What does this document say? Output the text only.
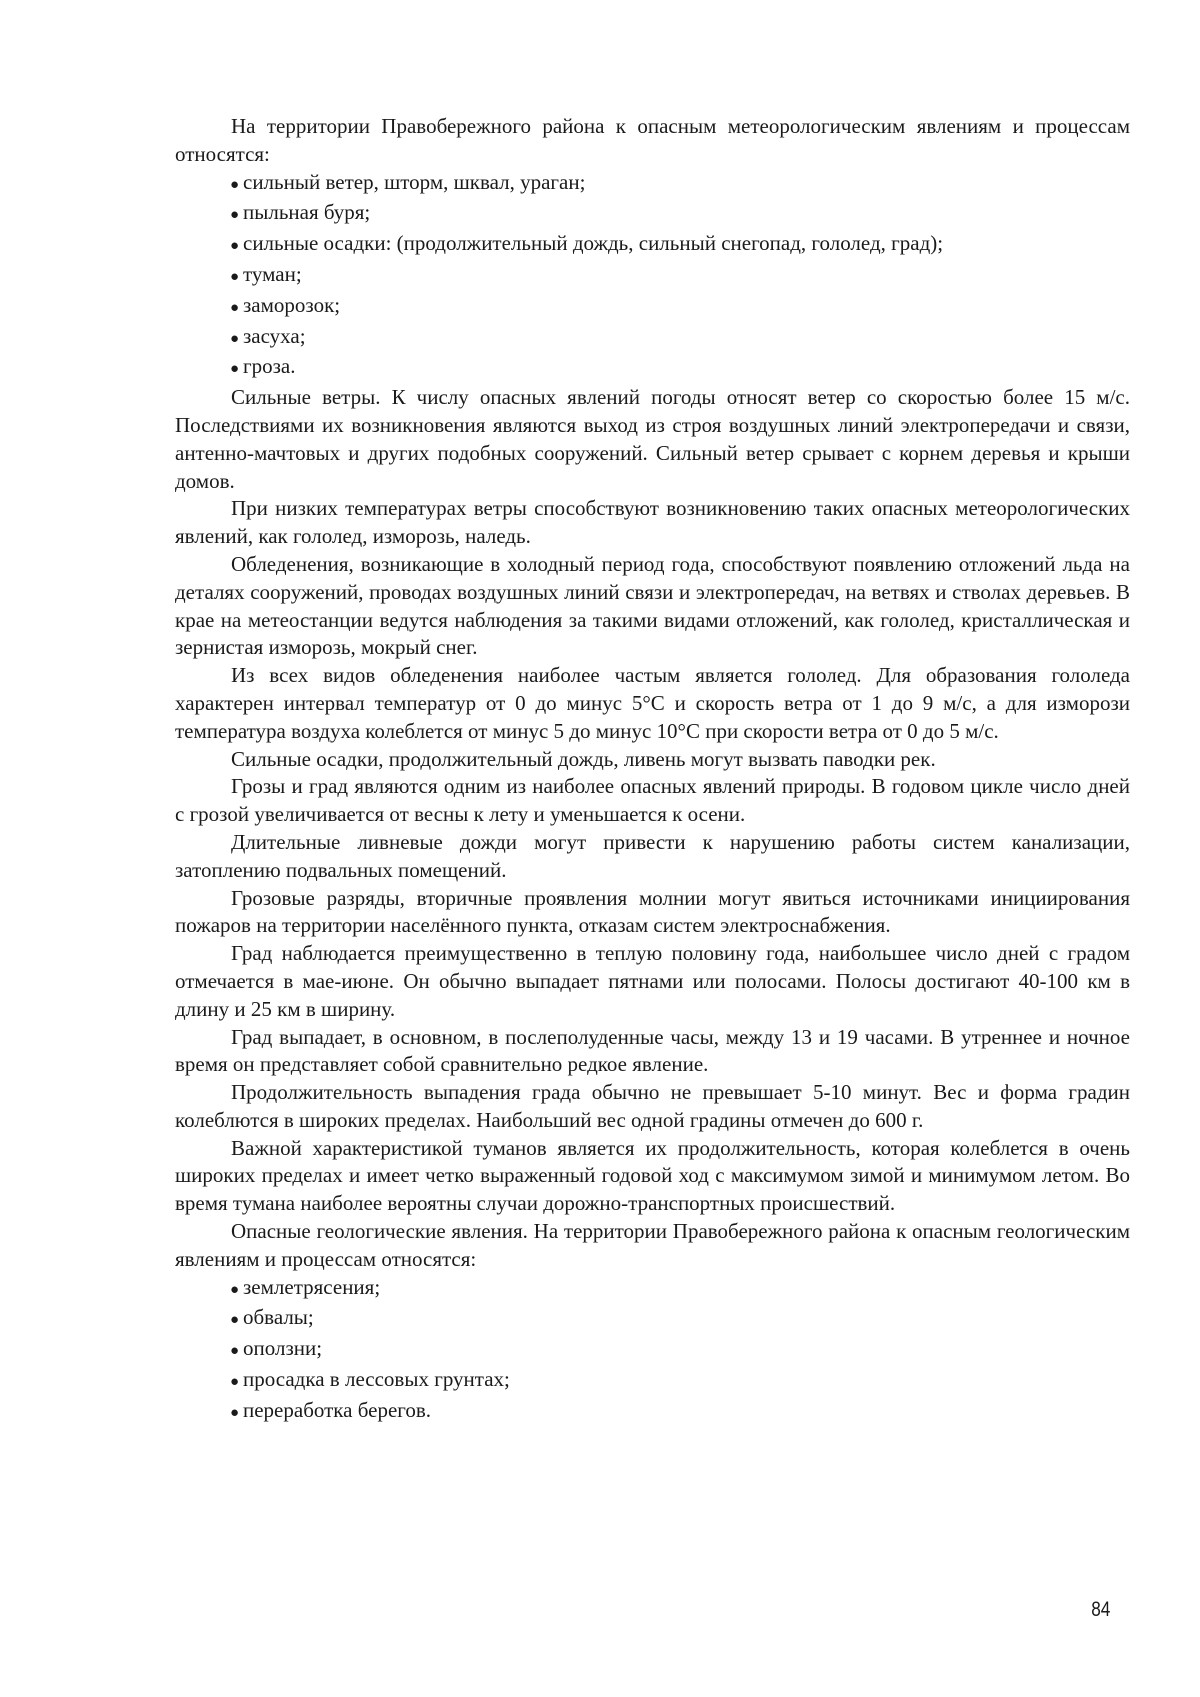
На территории Правобережного района к опасным метеорологическим явлениям и процессам относятся:

● сильный ветер, шторм, шквал, ураган;
● пыльная буря;
● сильные осадки: (продолжительный дождь, сильный снегопад, гололед, град);
● туман;
● заморозок;
● засуха;
● гроза.

Сильные ветры. К числу опасных явлений погоды относят ветер со скоростью более 15 м/с. Последствиями их возникновения являются выход из строя воздушных линий электропередачи и связи, антенно-мачтовых и других подобных сооружений. Сильный ветер срывает с корнем деревья и крыши домов.

При низких температурах ветры способствуют возникновению таких опасных метеорологических явлений, как гололед, изморозь, наледь.

Обледенения, возникающие в холодный период года, способствуют появлению отложений льда на деталях сооружений, проводах воздушных линий связи и электропередач, на ветвях и стволах деревьев. В крае на метеостанции ведутся наблюдения за такими видами отложений, как гололед, кристаллическая и зернистая изморозь, мокрый снег.

Из всех видов обледенения наиболее частым является гололед. Для образования гололеда характерен интервал температур от 0 до минус 5°С и скорость ветра от 1 до 9 м/с, а для изморози температура воздуха колеблется от минус 5 до минус 10°С при скорости ветра от 0 до 5 м/с.

Сильные осадки, продолжительный дождь, ливень могут вызвать паводки рек.

Грозы и град являются одним из наиболее опасных явлений природы. В годовом цикле число дней с грозой увеличивается от весны к лету и уменьшается к осени.

Длительные ливневые дожди могут привести к нарушению работы систем канализации, затоплению подвальных помещений.

Грозовые разряды, вторичные проявления молнии могут явиться источниками инициирования пожаров на территории населённого пункта, отказам систем электроснабжения.

Град наблюдается преимущественно в теплую половину года, наибольшее число дней с градом отмечается в мае-июне. Он обычно выпадает пятнами или полосами. Полосы достигают 40-100 км в длину и 25 км в ширину.

Град выпадает, в основном, в послеполуденные часы, между 13 и 19 часами. В утреннее и ночное время он представляет собой сравнительно редкое явление.

Продолжительность выпадения града обычно не превышает 5-10 минут. Вес и форма градин колеблются в широких пределах. Наибольший вес одной градины отмечен до 600 г.

Важной характеристикой туманов является их продолжительность, которая колеблется в очень широких пределах и имеет четко выраженный годовой ход с максимумом зимой и минимумом летом. Во время тумана наиболее вероятны случаи дорожно-транспортных происшествий.

Опасные геологические явления. На территории Правобережного района к опасным геологическим явлениям и процессам относятся:

● землетрясения;
● обвалы;
● оползни;
● просадка в лессовых грунтах;
● переработка берегов.
84
